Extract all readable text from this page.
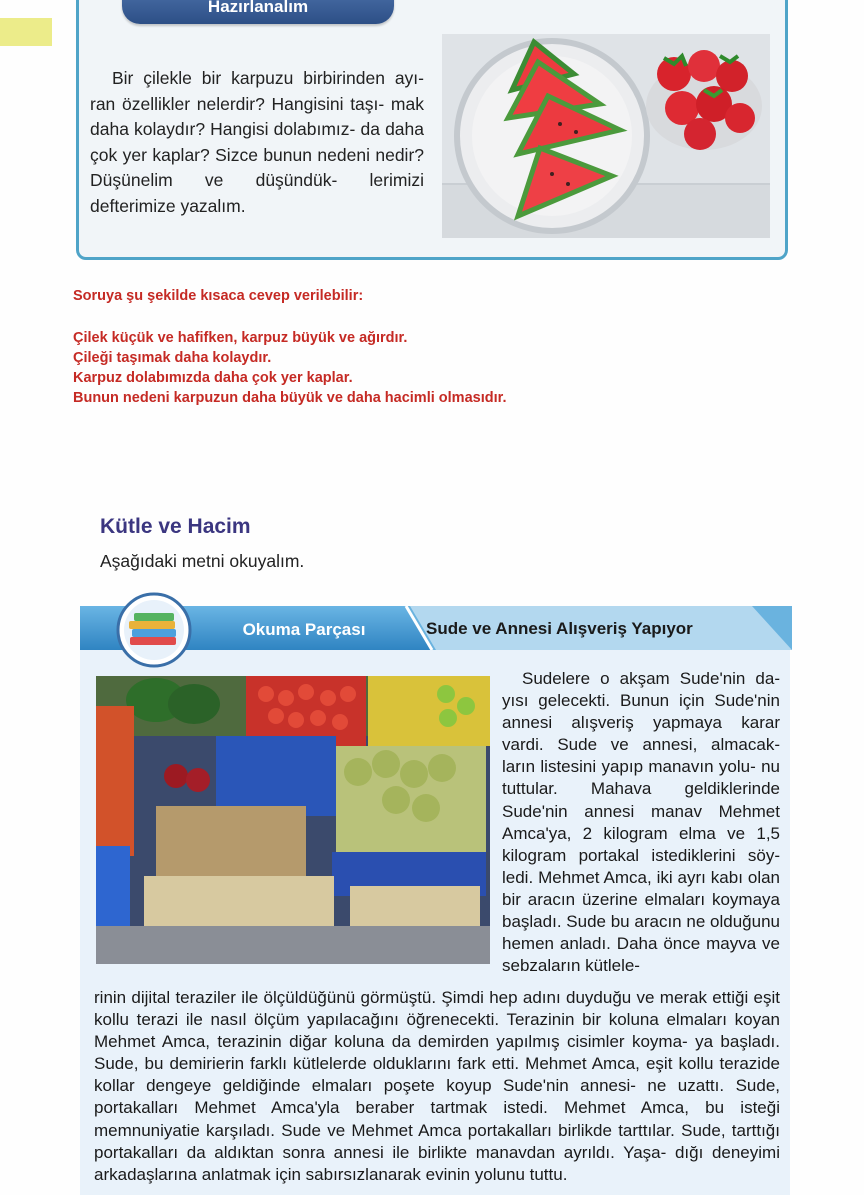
Hazırlanalım
Bir çilekle bir karpuzu birbirinden ayı- ran özellikler nelerdir? Hangisini taşı- mak daha kolaydır? Hangisi dolabımız- da daha çok yer kaplar? Sizce bunun nedeni nedir? Düşünelim ve düşündük- lerimizi defterimize yazalım.
Soruya şu şekilde kısaca cevep verilebilir:
Çilek küçük ve hafifken, karpuz büyük ve ağırdır.
Çileği taşımak daha kolaydır.
Karpuz dolabımızda daha çok yer kaplar.
Bunun nedeni karpuzun daha büyük ve daha hacimli olmasıdır.
Kütle ve Hacim
Aşağıdaki metni okuyalım.
Okuma Parçası	Sude ve Annesi Alışveriş Yapıyor
Sudelere o akşam Sude'nin da- yısı gelecekti. Bunun için Sude'nin annesi alışveriş yapmaya karar vardi. Sude ve annesi, almacak- ların listesini yapıp manavın yolu- nu tuttular. Mahava geldiklerinde Sude'nin annesi manav Mehmet Amca'ya, 2 kilogram elma ve 1,5 kilogram portakal istediklerini söy- ledi. Mehmet Amca, iki ayrı kabı olan bir aracın üzerine elmaları koymaya başladı. Sude bu aracın ne olduğunu hemen anladı. Daha önce mayva ve sebzaların kütlele-
rinin dijital teraziler ile ölçüldüğünü görmüştü. Şimdi hep adını duyduğu ve merak ettiği eşit kollu terazi ile nasıl ölçüm yapılacağını öğrenecekti. Terazinin bir koluna elmaları koyan Mehmet Amca, terazinin diğar koluna da demirden yapılmış cisimler koyma- ya başladı. Sude, bu demirierin farklı kütlelerde olduklarını fark etti. Mehmet Amca, eşit kollu terazide kollar dengeye geldiğinde elmaları poşete koyup Sude'nin annesi- ne uzattı. Sude, portakalları Mehmet Amca'yla beraber tartmak istedi. Mehmet Amca, bu isteği memnuniyatie karşıladı. Sude ve Mehmet Amca portakalları birlikde tarttılar. Sude, tarttığı portakalları da aldıktan sonra annesi ile birlikte manavdan ayrıldı. Yaşa- dığı deneyimi arkadaşlarına anlatmak için sabırsızlanarak evinin yolunu tuttu.
